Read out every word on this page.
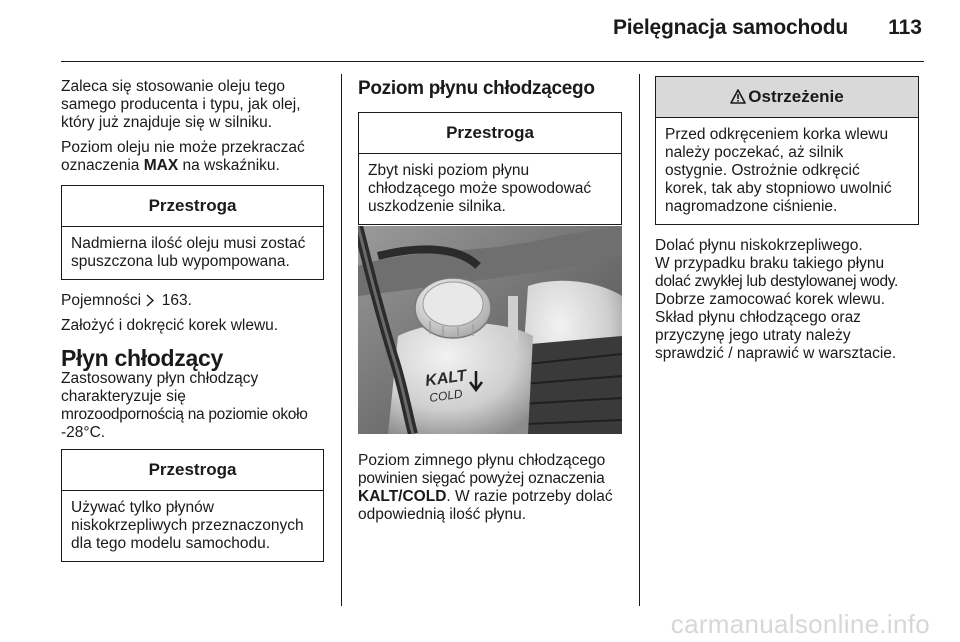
Pielęgnacja samochodu 113

Zaleca się stosowanie oleju tego
samego producenta i typu, jak olej,
który już znajduje się w silniku.

Poziom oleju nie może przekraczać
oznaczenia MAX na wskaźniku.

Przestroga
Nadmierna ilość oleju musi zostać
spuszczona lub wypompowana.

Pojemności  163.

Założyć i dokręcić korek wlewu.

Płyn chłodzący

Zastosowany płyn chłodzący
charakteryzuje się
mrozoodpornością na poziomie około
-28°C.

Przestroga
Używać tylko płynów
niskokrzepliwych przeznaczonych
dla tego modelu samochodu.
Poziom płynu chłodzącego
Przestroga
Zbyt niski poziom płynu
chłodzącego może spowodować
uszkodzenie silnika.
KALT
COLD
Poziom zimnego płynu chłodzącego
powinien sięgać powyżej oznaczenia
KALT/COLD. W razie potrzeby dolać
odpowiednią ilość płynu.
Ostrzeżenie
Przed odkręceniem korka wlewu
należy poczekać, aż silnik
ostygnie. Ostrożnie odkręcić
korek, tak aby stopniowo uwolnić
nagromadzone ciśnienie.

Dolać płynu niskokrzepliwego.
W przypadku braku takiego płynu
dolać zwykłej lub destylowanej wody.
Dobrze zamocować korek wlewu.
Skład płynu chłodzącego oraz
przyczynę jego utraty należy
sprawdzić / naprawić w warsztacie.

carmanualsonline.info
